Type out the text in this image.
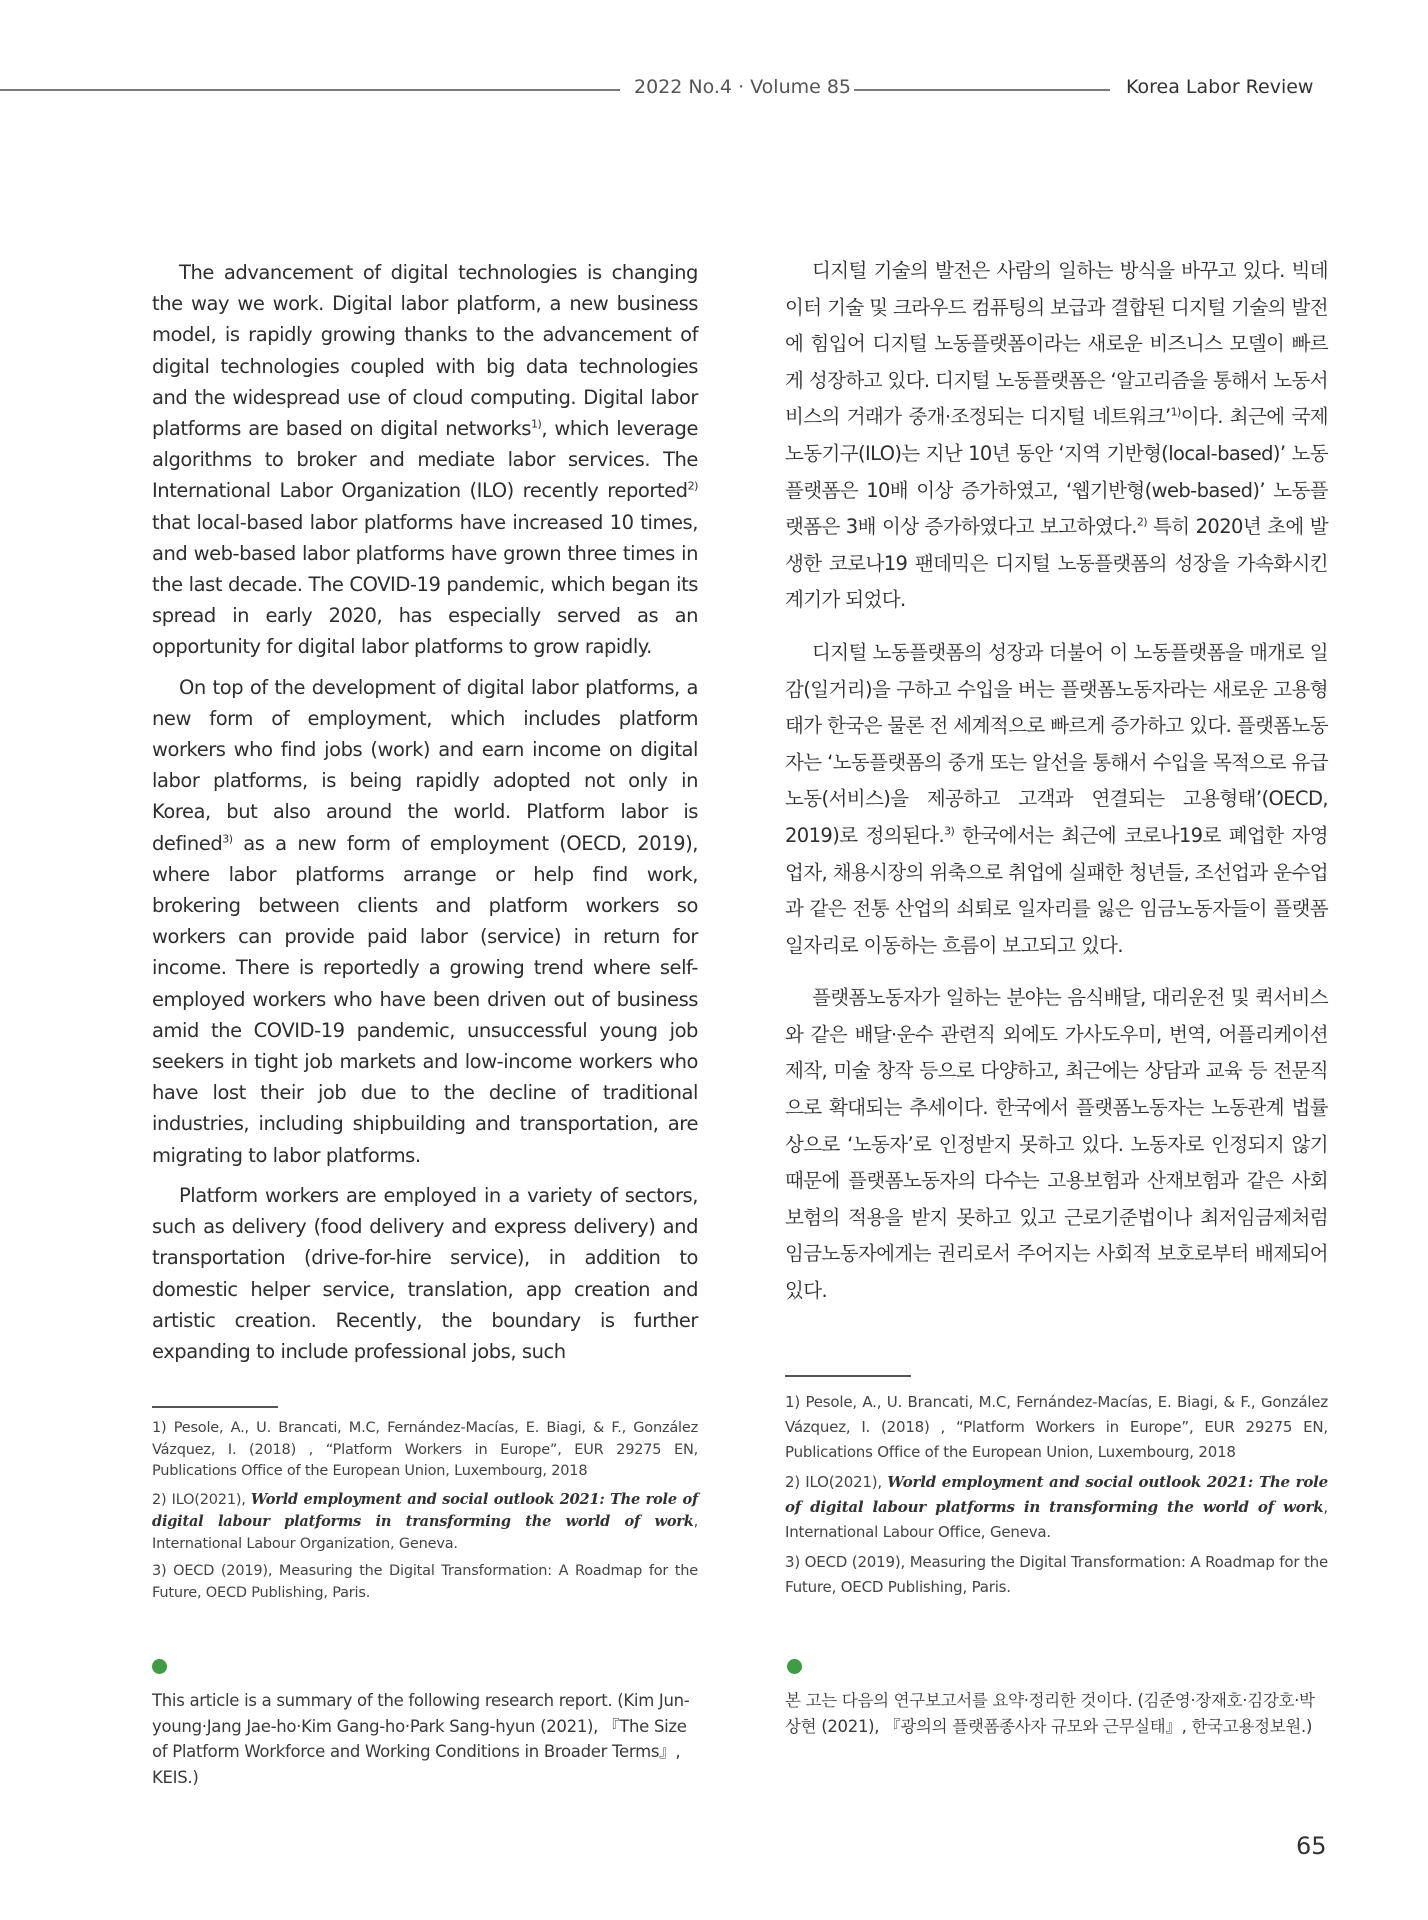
2022 No.4 · Volume 85	Korea Labor Review

The advancement of digital technologies is changing the way we work. Digital labor platform, a new business model, is rapidly growing thanks to the advancement of digital technologies coupled with big data technologies and the widespread use of cloud computing. Digital labor platforms are based on digital networks$^{1)}$, which leverage algorithms to broker and mediate labor services. The International Labor Organization (ILO) recently reported$^{2)}$ that local-based labor platforms have increased 10 times, and web-based labor platforms have grown three times in the last decade. The COVID-19 pandemic, which began its spread in early 2020, has especially served as an opportunity for digital labor platforms to grow rapidly.

On top of the development of digital labor platforms, a new form of employment, which includes platform workers who find jobs (work) and earn income on digital labor platforms, is being rapidly adopted not only in Korea, but also around the world. Platform labor is defined$^{3)}$ as a new form of employment (OECD, 2019), where labor platforms arrange or help find work, brokering between clients and platform workers so workers can provide paid labor (service) in return for income. There is reportedly a growing trend where self-employed workers who have been driven out of business amid the COVID-19 pandemic, unsuccessful young job seekers in tight job markets and low-income workers who have lost their job due to the decline of traditional industries, including shipbuilding and transportation, are migrating to labor platforms.

Platform workers are employed in a variety of sectors, such as delivery (food delivery and express delivery) and transportation (drive-for-hire service), in addition to domestic helper service, translation, app creation and artistic creation. Recently, the boundary is further expanding to include professional jobs, such

1) Pesole, A., U. Brancati, M.C, Fernández-Macías, E. Biagi, & F., González Vázquez, I. (2018) , “Platform Workers in Europe”, EUR 29275 EN, Publications Office of the European Union, Luxembourg, 2018

2) ILO(2021), World employment and social outlook 2021: The role of digital labour platforms in transforming the world of work, International Labour Organization, Geneva.

3) OECD (2019), Measuring the Digital Transformation: A Roadmap for the Future, OECD Publishing, Paris.

This article is a summary of the following research report. (Kim Jun-young·Jang Jae-ho·Kim Gang-ho·Park Sang-hyun (2021), 『The Size of Platform Workforce and Working Conditions in Broader Terms』, KEIS.)

디지털 기술의 발전은 사람의 일하는 방식을 바꾸고 있다. 빅데이터 기술 및 크라우드 컴퓨팅의 보급과 결합된 디지털 기술의 발전에 힘입어 디지털 노동플랫폼이라는 새로운 비즈니스 모델이 빠르게 성장하고 있다. 디지털 노동플랫폼은 ‘알고리즘을 통해서 노동서비스의 거래가 중개·조정되는 디지털 네트워크’$^{1)}$이다. 최근에 국제노동기구(ILO)는 지난 10년 동안 ‘지역 기반형(local-based)’ 노동플랫폼은 10배 이상 증가하였고, ‘웹기반형(web-based)’ 노동플랫폼은 3배 이상 증가하였다고 보고하였다.$^{2)}$ 특히 2020년 초에 발생한 코로나19 팬데믹은 디지털 노동플랫폼의 성장을 가속화시킨 계기가 되었다.

디지털 노동플랫폼의 성장과 더불어 이 노동플랫폼을 매개로 일감(일거리)을 구하고 수입을 버는 플랫폼노동자라는 새로운 고용형태가 한국은 물론 전 세계적으로 빠르게 증가하고 있다. 플랫폼노동자는 ‘노동플랫폼의 중개 또는 알선을 통해서 수입을 목적으로 유급노동(서비스)을 제공하고 고객과 연결되는 고용형태’(OECD, 2019)로 정의된다.$^{3)}$ 한국에서는 최근에 코로나19로 폐업한 자영업자, 채용시장의 위축으로 취업에 실패한 청년들, 조선업과 운수업과 같은 전통 산업의 쇠퇴로 일자리를 잃은 임금노동자들이 플랫폼 일자리로 이동하는 흐름이 보고되고 있다.

플랫폼노동자가 일하는 분야는 음식배달, 대리운전 및 퀵서비스와 같은 배달·운수 관련직 외에도 가사도우미, 번역, 어플리케이션 제작, 미술 창작 등으로 다양하고, 최근에는 상담과 교육 등 전문직으로 확대되는 추세이다. 한국에서 플랫폼노동자는 노동관계 법률 상으로 ‘노동자’로 인정받지 못하고 있다. 노동자로 인정되지 않기 때문에 플랫폼노동자의 다수는 고용보험과 산재보험과 같은 사회보험의 적용을 받지 못하고 있고 근로기준법이나 최저임금제처럼 임금노동자에게는 권리로서 주어지는 사회적 보호로부터 배제되어 있다.

1) Pesole, A., U. Brancati, M.C, Fernández-Macías, E. Biagi, & F., González Vázquez, I. (2018) , “Platform Workers in Europe”, EUR 29275 EN, Publications Office of the European Union, Luxembourg, 2018

2) ILO(2021), World employment and social outlook 2021: The role of digital labour platforms in transforming the world of work, International Labour Office, Geneva.

3) OECD (2019), Measuring the Digital Transformation: A Roadmap for the Future, OECD Publishing, Paris.

본 고는 다음의 연구보고서를 요약·정리한 것이다. (김준영·장재호·김강호·박상현 (2021), 『광의의 플랫폼종사자 규모와 근무실태』, 한국고용정보원.)
65
